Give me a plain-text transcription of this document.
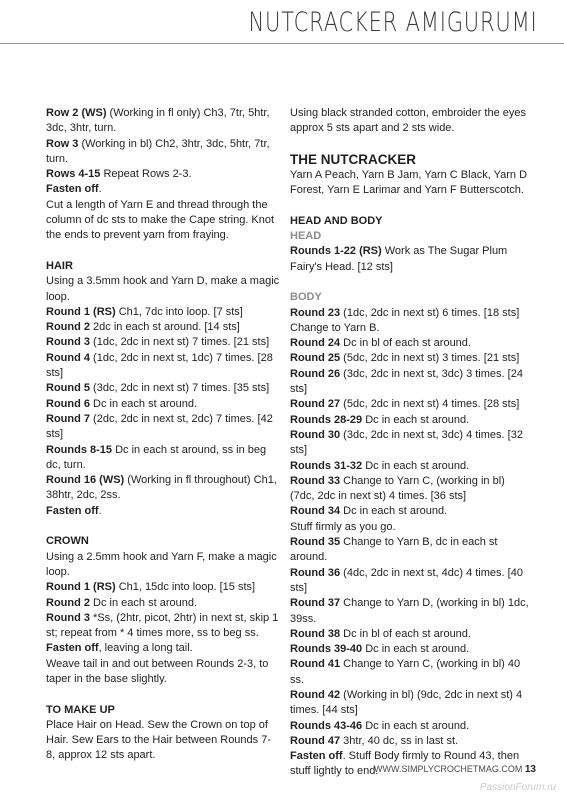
NUTCRACKER AMIGURUMI

Row 2 (WS) (Working in fl only) Ch3, 7tr, 5htr, 3dc, 3htr, turn.

Row 3 (Working in bl) Ch2, 3htr, 3dc, 5htr, 7tr, turn.

Rows 4-15 Repeat Rows 2-3.

Fasten off.

Cut a length of Yarn E and thread through the column of dc sts to make the Cape string. Knot the ends to prevent yarn from fraying.

HAIR

Using a 3.5mm hook and Yarn D, make a magic loop.

Round 1 (RS) Ch1, 7dc into loop. [7 sts]

Round 2 2dc in each st around. [14 sts]

Round 3 (1dc, 2dc in next st) 7 times. [21 sts]

Round 4 (1dc, 2dc in next st, 1dc) 7 times. [28 sts]

Round 5 (3dc, 2dc in next st) 7 times. [35 sts]

Round 6 Dc in each st around.

Round 7 (2dc, 2dc in next st, 2dc) 7 times. [42 sts]

Rounds 8-15 Dc in each st around, ss in beg dc, turn.

Round 16 (WS) (Working in fl throughout) Ch1, 38htr, 2dc, 2ss.

Fasten off.

CROWN

Using a 2.5mm hook and Yarn F, make a magic loop.

Round 1 (RS) Ch1, 15dc into loop. [15 sts]

Round 2 Dc in each st around.

Round 3 *Ss, (2htr, picot, 2htr) in next st, skip 1 st; repeat from * 4 times more, ss to beg ss.

Fasten off, leaving a long tail.

Weave tail in and out between Rounds 2-3, to taper in the base slightly.

TO MAKE UP

Place Hair on Head. Sew the Crown on top of Hair. Sew Ears to the Hair between Rounds 7-8, approx 12 sts apart.

Using black stranded cotton, embroider the eyes approx 5 sts apart and 2 sts wide.

THE NUTCRACKER

Yarn A Peach, Yarn B Jam, Yarn C Black, Yarn D Forest, Yarn E Larimar and Yarn F Butterscotch.

HEAD AND BODY

HEAD

Rounds 1-22 (RS) Work as The Sugar Plum Fairy's Head. [12 sts]

BODY

Round 23 (1dc, 2dc in next st) 6 times. [18 sts] Change to Yarn B.

Round 24 Dc in bl of each st around.

Round 25 (5dc, 2dc in next st) 3 times. [21 sts]

Round 26 (3dc, 2dc in next st, 3dc) 3 times. [24 sts]

Round 27 (5dc, 2dc in next st) 4 times. [28 sts]

Rounds 28-29 Dc in each st around.

Round 30 (3dc, 2dc in next st, 3dc) 4 times. [32 sts]

Rounds 31-32 Dc in each st around.

Round 33 Change to Yarn C, (working in bl) (7dc, 2dc in next st) 4 times. [36 sts]

Round 34 Dc in each st around.

Stuff firmly as you go.

Round 35 Change to Yarn B, dc in each st around.

Round 36 (4dc, 2dc in next st, 4dc) 4 times. [40 sts]

Round 37 Change to Yarn D, (working in bl) 1dc, 39ss.

Round 38 Dc in bl of each st around.

Rounds 39-40 Dc in each st around.

Round 41 Change to Yarn C, (working in bl) 40 ss.

Round 42 (Working in bl) (9dc, 2dc in next st) 4 times. [44 sts]

Rounds 43-46 Dc in each st around.

Round 47 3htr, 40 dc, ss in last st.

Fasten off. Stuff Body firmly to Round 43, then stuff lightly to end.

WWW.SIMPLYCROCHETMAG.COM 13
PassionForum.ru
